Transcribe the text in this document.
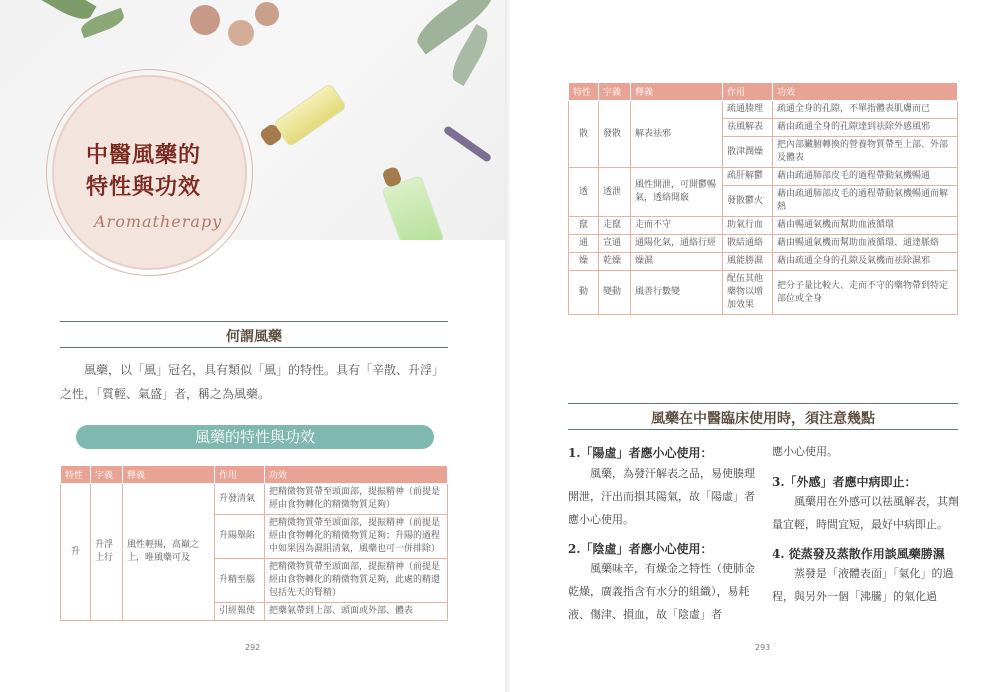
中醫風藥的
特性與功效
Aromatherapy
何謂風藥
風藥，以「風」冠名，具有類似「風」的特性。具有「辛散、升浮」之性，「質輕、氣盛」者，稱之為風藥。
風藥的特性與功效
特性	字義	釋義	作用	功效
升	升浮上行	風性輕揚，高巔之上，唯風藥可及	升發清氣	把精微物質帶至頭面部，提振精神（前提是經由食物轉化的精微物質足夠）
			升陽舉陷	把精微物質帶至頭面部，提振精神（前提是經由食物轉化的精微物質足夠；升陽的過程中如果因為濕阻清氣，風藥也可一併排除）
			升精至腦	把精微物質帶至頭面部，提振精神（前提是經由食物轉化的精微物質足夠，此處的精還包括先天的腎精）
			引經報使	把藥氣帶到上部、頭面或外部、體表
292
特性	字義	釋義	作用	功效
散	發散	解表祛邪	疏通腠理	疏通全身的孔隙，不單指體表肌膚而已
			祛風解表	藉由疏通全身的孔隙達到祛除外感風邪
			散津潤燥	把內部臟腑轉換的營養物質帶至上部、外部及體表
透	透泄	風性開泄，可開鬱暢氣，透絡開竅	疏肝解鬱	藉由疏通肺部皮毛的過程帶動氣機暢通
			發散鬱火	藉由疏通肺部皮毛的過程帶動氣機暢通而解熱
竄	走竄	走而不守	助氣行血	藉由暢通氣機而幫助血液循環
通	宣通	通陽化氣，通絡行經	散結通絡	藉由暢通氣機而幫助血液循環、通達脈絡
燥	乾燥	燥濕	風能勝濕	藉由疏通全身的孔隙及氣機而祛除濕邪
動	變動	風善行數變	配伍其他藥物以增加效果	把分子量比較大、走而不守的藥物帶到特定部位或全身
風藥在中醫臨床使用時，須注意幾點
1.「陽虛」者應小心使用：
風藥，為發汗解表之品，易使腠理開泄，汗出而損其陽氣，故「陽虛」者應小心使用。
2.「陰虛」者應小心使用：
風藥味辛，有燥金之特性（使肺金乾燥，廣義指含有水分的組織），易耗液、傷津、損血，故「陰虛」者
應小心使用。
3.「外感」者應中病即止：
風藥用在外感可以祛風解表，其劑量宜輕，時間宜短，最好中病即止。
4. 從蒸發及蒸散作用談風藥勝濕
蒸發是「液體表面」「氣化」的過程，與另外一個「沸騰」的氣化過
293
